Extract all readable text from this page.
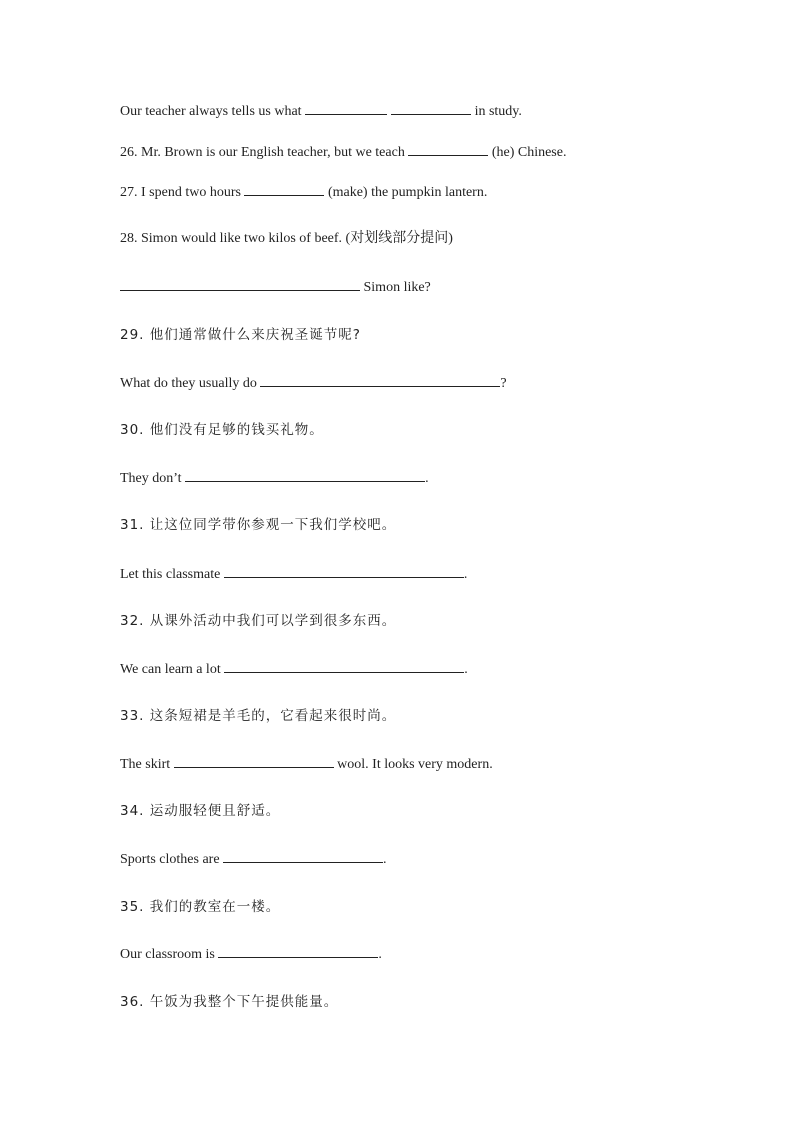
Our teacher always tells us what	in study.
26. Mr. Brown is our English teacher, but we teach	(he) Chinese.
27. I spend two hours	(make) the pumpkin lantern.
28. Simon would like two kilos of beef. (对划线部分提问)
Simon like?
29. 他们通常做什么来庆祝圣诞节呢?
What do they usually do	?
30. 他们没有足够的钱买礼物。
They don’t	.
31. 让这位同学带你参观一下我们学校吧。
Let this classmate	.
32. 从课外活动中我们可以学到很多东西。
We can learn a lot	.
33. 这条短裙是羊毛的，它看起来很时尚。
The skirt	wool. It looks very modern.
34. 运动服轻便且舒适。
Sports clothes are	.
35. 我们的教室在一楼。
Our classroom is	.
36. 午饭为我整个下午提供能量。
